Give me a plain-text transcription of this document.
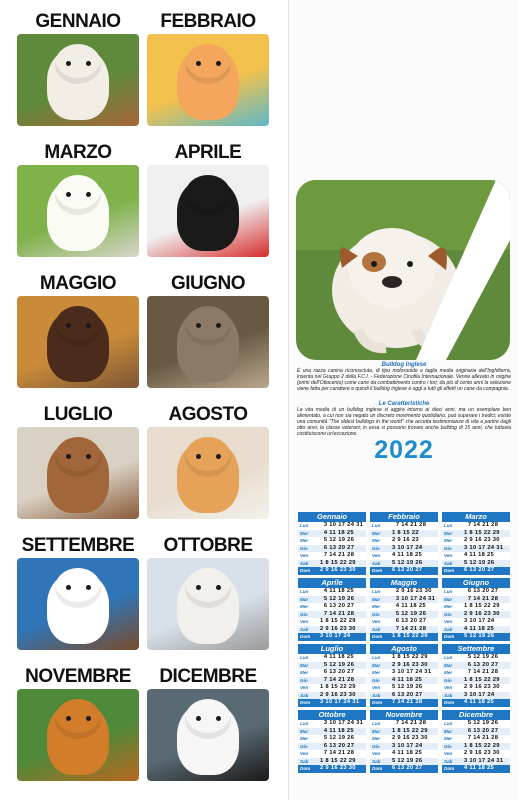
GENNAIO	FEBBRAIO
MARZO	APRILE
MAGGIO	GIUGNO
LUGLIO	AGOSTO
SETTEMBRE	OTTOBRE
NOVEMBRE	DICEMBRE
Bulldog Inglese
È una razza canina riconosciuta, di tipo molossoide e taglia media originaria dell'Inghilterra, inserita nel Gruppo 2 della F.C.I. - Federazione Cinofila Internazionale. Venne allevato in origine (primi dell'Ottocento) come cane da combattimento contro i tori; da più di cento anni la selezione viene fatta per carattere e quindi il bulldog inglese è oggi a tutti gli effetti un cane da compagnia.
Le Caratteristiche
La vita media di un bulldog inglese si aggira intorno ai dieci anni, ma un esemplare ben alimentato, a cui non sia negato un discreto movimento quotidiano, può superare i tredici; esiste una comunità "The oldest bulldogs in the world" che accetta testimonianze di vita a partire dagli otto anni, la classe veterani; in essa si possono trovare anche bulldog di 15 anni, che tuttavia costituiscono un'eccezione.
2022
Gennaio
Lun	3 10 17 24 31
Mar	4 11 18 25
Mer	5 12 19 26
Gio	6 13 20 27
Ven	7 14 21 28
Sab	1 8 15 22 29
Dom	2 9 16 23 30
Febbraio
Lun	7 14 21 28
Mar	1 8 15 22
Mer	2 9 16 23
Gio	3 10 17 24
Ven	4 11 18 25
Sab	5 12 19 26
Dom	6 13 20 27
Marzo
Lun	7 14 21 28
Mar	1 8 15 22 29
Mer	2 9 16 23 30
Gio	3 10 17 24 31
Ven	4 11 18 25
Sab	5 12 19 26
Dom	6 13 20 27
Aprile
Lun	4 11 18 25
Mar	5 12 19 26
Mer	6 13 20 27
Gio	7 14 21 28
Ven	1 8 15 22 29
Sab	2 9 16 23 30
Dom	3 10 17 24
Maggio
Lun	2 9 16 23 30
Mar	3 10 17 24 31
Mer	4 11 18 25
Gio	5 12 19 26
Ven	6 13 20 27
Sab	7 14 21 28
Dom	1 8 15 22 29
Giugno
Lun	6 13 20 27
Mar	7 14 21 28
Mer	1 8 15 22 29
Gio	2 9 16 23 30
Ven	3 10 17 24
Sab	4 11 18 25
Dom	5 12 19 26
Luglio
Lun	4 11 18 25
Mar	5 12 19 26
Mer	6 13 20 27
Gio	7 14 21 28
Ven	1 8 15 22 29
Sab	2 9 16 23 30
Dom	3 10 17 24 31
Agosto
Lun	1 8 15 22 29
Mar	2 9 16 23 30
Mer	3 10 17 24 31
Gio	4 11 18 25
Ven	5 12 19 26
Sab	6 13 20 27
Dom	7 14 21 28
Settembre
Lun	5 12 19 26
Mar	6 13 20 27
Mer	7 14 21 28
Gio	1 8 15 22 29
Ven	2 9 16 23 30
Sab	3 10 17 24
Dom	4 11 18 25
Ottobre
Lun	3 10 17 24 31
Mar	4 11 18 25
Mer	5 12 19 26
Gio	6 13 20 27
Ven	7 14 21 28
Sab	1 8 15 22 29
Dom	2 9 16 23 30
Novembre
Lun	7 14 21 28
Mar	1 8 15 22 29
Mer	2 9 16 23 30
Gio	3 10 17 24
Ven	4 11 18 25
Sab	5 12 19 26
Dom	6 13 20 27
Dicembre
Lun	5 12 19 26
Mar	6 13 20 27
Mer	7 14 21 28
Gio	1 8 15 22 29
Ven	2 9 16 23 30
Sab	3 10 17 24 31
Dom	4 11 18 25
